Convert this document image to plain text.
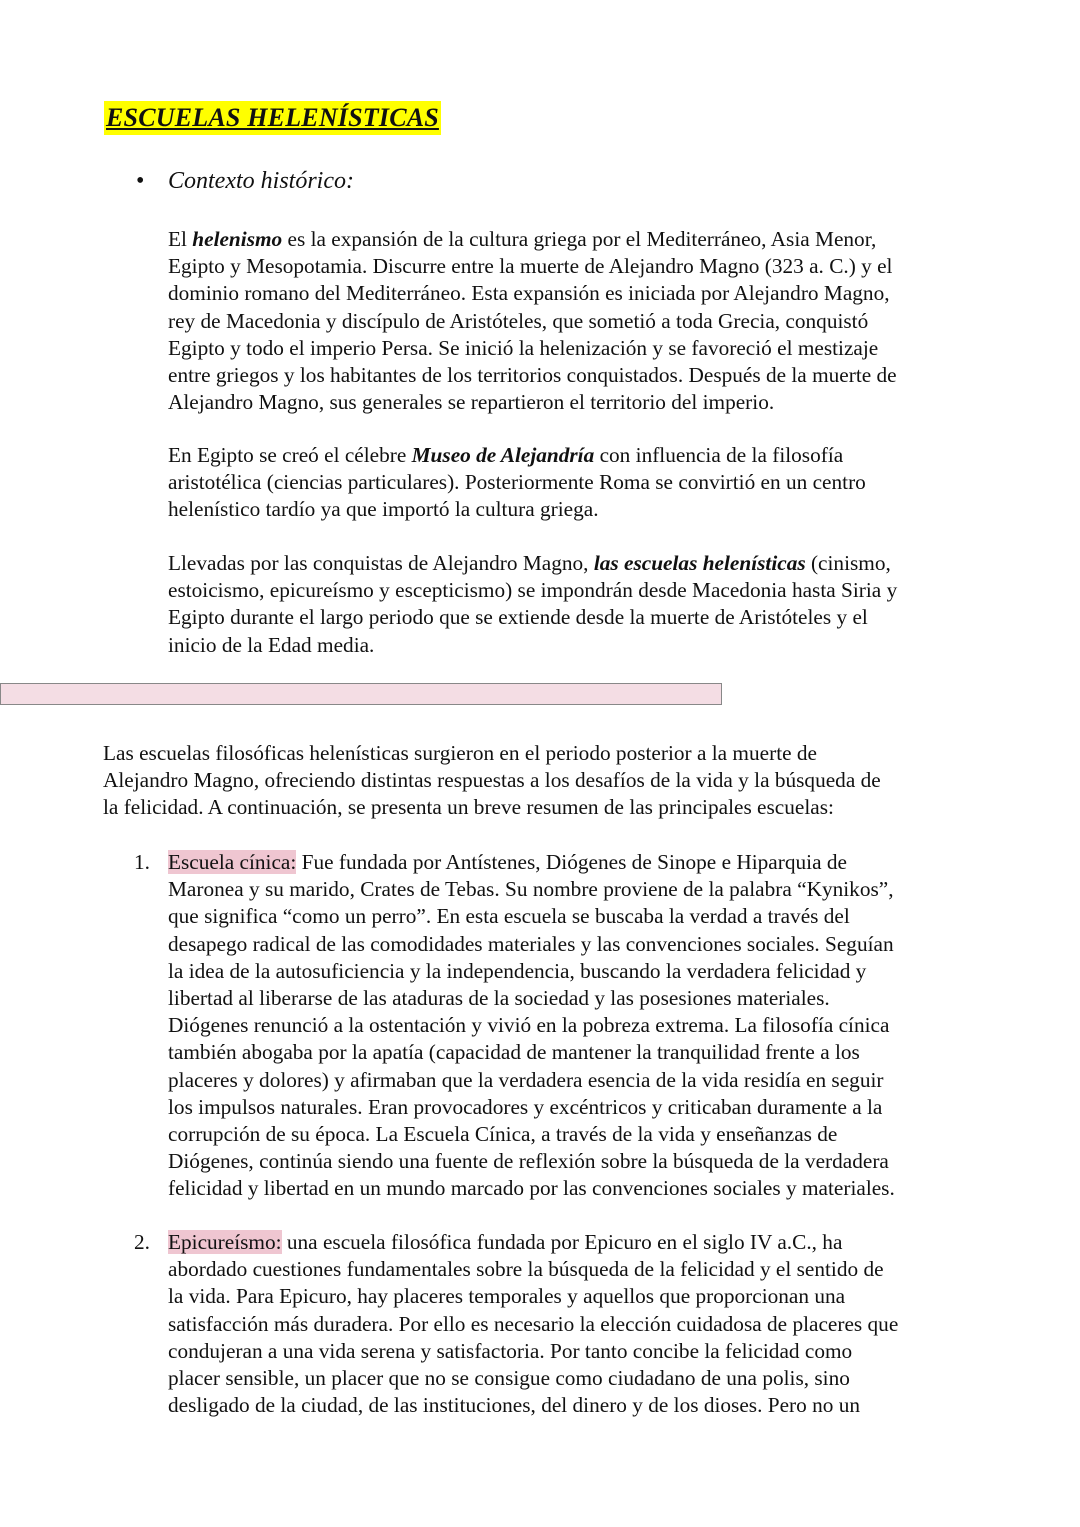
ESCUELAS HELENÍSTICAS
• Contexto histórico:

El helenismo es la expansión de la cultura griega por el Mediterráneo, Asia Menor,
Egipto y Mesopotamia. Discurre entre la muerte de Alejandro Magno (323 a. C.) y el
dominio romano del Mediterráneo. Esta expansión es iniciada por Alejandro Magno,
rey de Macedonia y discípulo de Aristóteles, que sometió a toda Grecia, conquistó
Egipto y todo el imperio Persa. Se inició la helenización y se favoreció el mestizaje
entre griegos y los habitantes de los territorios conquistados. Después de la muerte de
Alejandro Magno, sus generales se repartieron el territorio del imperio.

En Egipto se creó el célebre Museo de Alejandría con influencia de la filosofía
aristotélica (ciencias particulares). Posteriormente Roma se convirtió en un centro
helenístico tardío ya que importó la cultura griega.

Llevadas por las conquistas de Alejandro Magno, las escuelas helenísticas (cinismo,
estoicismo, epicureísmo y escepticismo) se impondrán desde Macedonia hasta Siria y
Egipto durante el largo periodo que se extiende desde la muerte de Aristóteles y el
inicio de la Edad media.

Las escuelas filosóficas helenísticas surgieron en el periodo posterior a la muerte de
Alejandro Magno, ofreciendo distintas respuestas a los desafíos de la vida y la búsqueda de
la felicidad. A continuación, se presenta un breve resumen de las principales escuelas:

1. Escuela cínica: Fue fundada por Antístenes, Diógenes de Sinope e Hiparquia de
Maronea y su marido, Crates de Tebas. Su nombre proviene de la palabra “Kynikos”,
que significa “como un perro”. En esta escuela se buscaba la verdad a través del
desapego radical de las comodidades materiales y las convenciones sociales. Seguían
la idea de la autosuficiencia y la independencia, buscando la verdadera felicidad y
libertad al liberarse de las ataduras de la sociedad y las posesiones materiales.
Diógenes renunció a la ostentación y vivió en la pobreza extrema. La filosofía cínica
también abogaba por la apatía (capacidad de mantener la tranquilidad frente a los
placeres y dolores) y afirmaban que la verdadera esencia de la vida residía en seguir
los impulsos naturales. Eran provocadores y excéntricos y criticaban duramente a la
corrupción de su época. La Escuela Cínica, a través de la vida y enseñanzas de
Diógenes, continúa siendo una fuente de reflexión sobre la búsqueda de la verdadera
felicidad y libertad en un mundo marcado por las convenciones sociales y materiales.
2. Epicureísmo: una escuela filosófica fundada por Epicuro en el siglo IV a.C., ha
abordado cuestiones fundamentales sobre la búsqueda de la felicidad y el sentido de
la vida. Para Epicuro, hay placeres temporales y aquellos que proporcionan una
satisfacción más duradera. Por ello es necesario la elección cuidadosa de placeres que
condujeran a una vida serena y satisfactoria. Por tanto concibe la felicidad como
placer sensible, un placer que no se consigue como ciudadano de una polis, sino
desligado de la ciudad, de las instituciones, del dinero y de los dioses. Pero no un
